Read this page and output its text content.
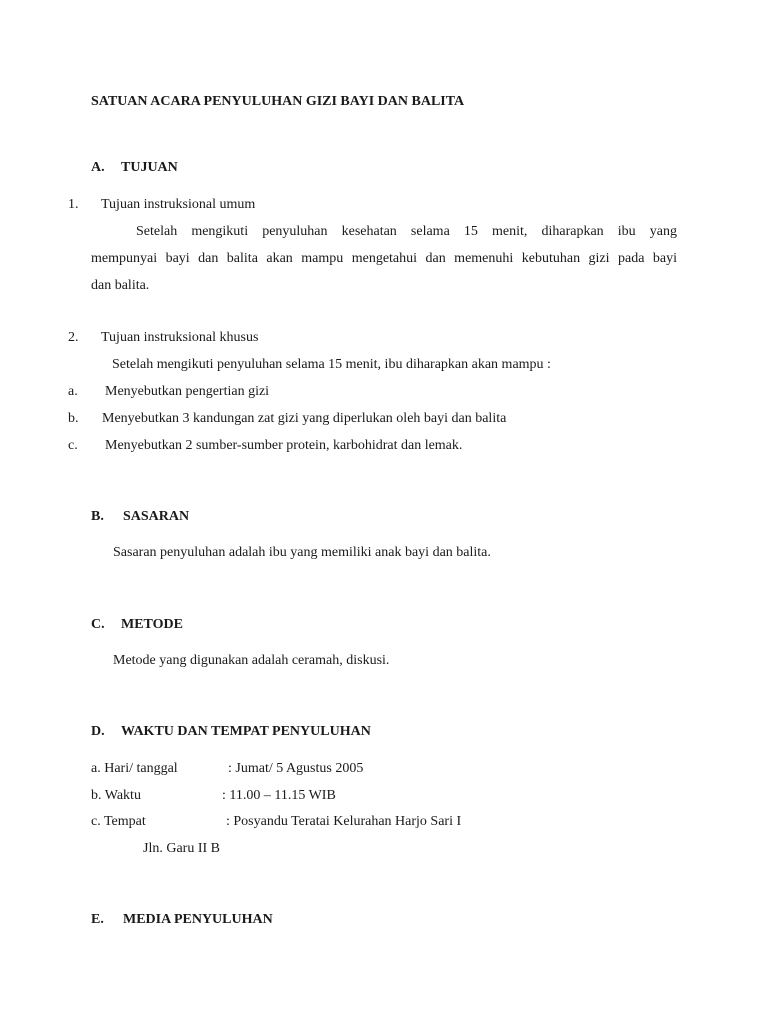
SATUAN ACARA PENYULUHAN GIZI BAYI DAN BALITA
A. TUJUAN
1. Tujuan instruksional umum
Setelah mengikuti penyuluhan kesehatan selama 15 menit, diharapkan ibu yang
mempunyai bayi dan balita akan mampu mengetahui dan memenuhi kebutuhan gizi pada bayi
dan balita.
2. Tujuan instruksional khusus
Setelah mengikuti penyuluhan selama 15 menit, ibu diharapkan akan mampu :
a. Menyebutkan pengertian gizi
b. Menyebutkan 3 kandungan zat gizi yang diperlukan oleh bayi dan balita
c. Menyebutkan 2 sumber-sumber protein, karbohidrat dan lemak.
B. SASARAN
Sasaran penyuluhan adalah ibu yang memiliki anak bayi dan balita.
C. METODE
Metode yang digunakan adalah ceramah, diskusi.
D. WAKTU DAN TEMPAT PENYULUHAN
a. Hari/ tanggal	: Jumat/ 5 Agustus 2005
b. Waktu	: 11.00 – 11.15 WIB
c. Tempat	: Posyandu Teratai Kelurahan Harjo Sari I
Jln. Garu II B
E. MEDIA PENYULUHAN
